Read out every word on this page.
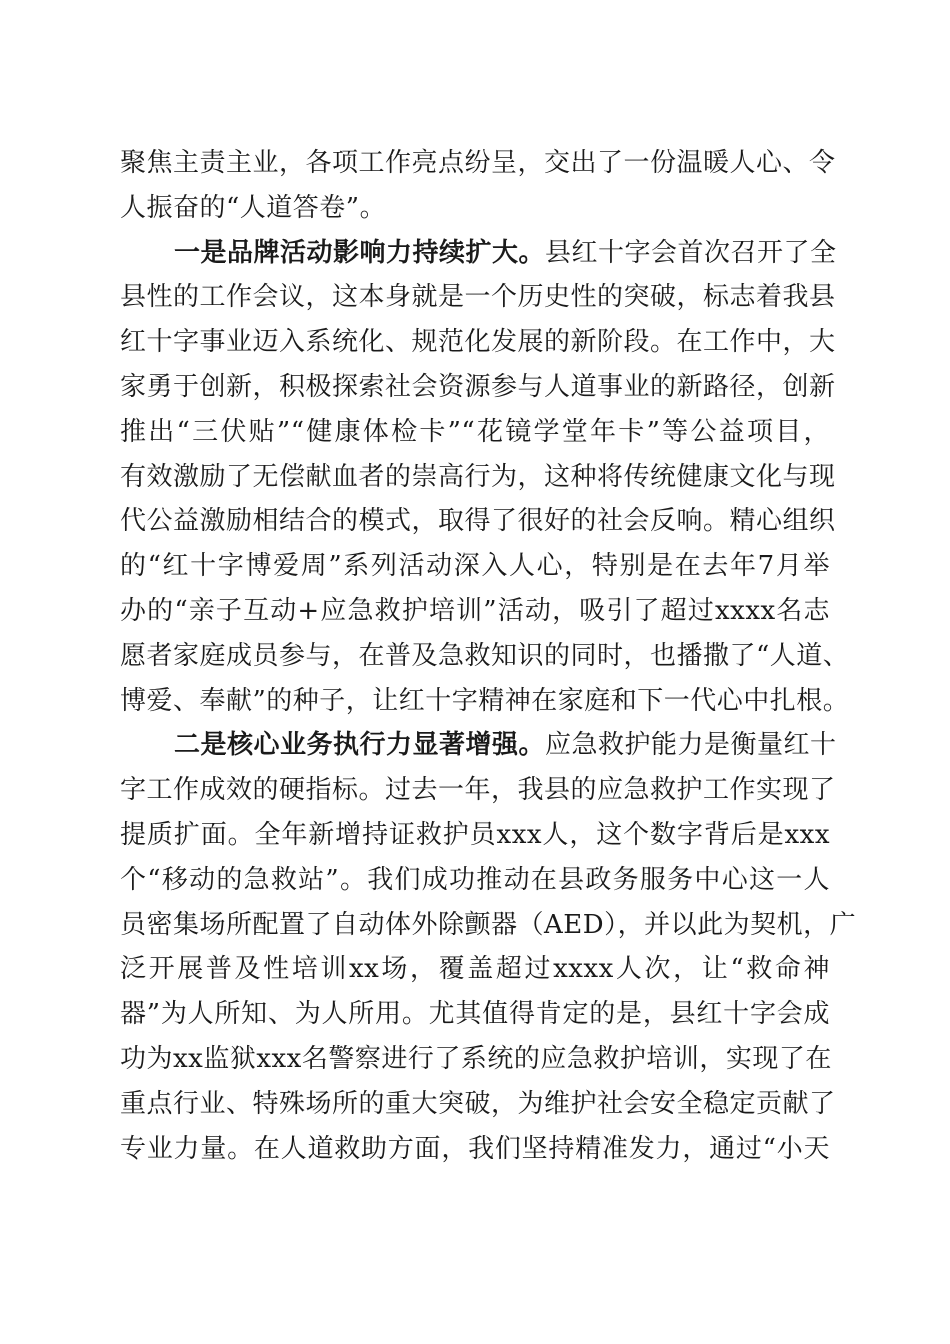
聚焦主责主业，各项工作亮点纷呈，交出了一份温暖人心、令
人振奋的“人道答卷”。
一是品牌活动影响力持续扩大。县红十字会首次召开了全
县性的工作会议，这本身就是一个历史性的突破，标志着我县
红十字事业迈入系统化、规范化发展的新阶段。在工作中，大
家勇于创新，积极探索社会资源参与人道事业的新路径，创新
推出“三伏贴”“健康体检卡”“花镜学堂年卡”等公益项目，
有效激励了无偿献血者的崇高行为，这种将传统健康文化与现
代公益激励相结合的模式，取得了很好的社会反响。精心组织
的“红十字博爱周”系列活动深入人心，特别是在去年7月举
办的“亲子互动+应急救护培训”活动，吸引了超过xxxx名志
愿者家庭成员参与，在普及急救知识的同时，也播撒了“人道、
博爱、奉献”的种子，让红十字精神在家庭和下一代心中扎根。
二是核心业务执行力显著增强。应急救护能力是衡量红十
字工作成效的硬指标。过去一年，我县的应急救护工作实现了
提质扩面。全年新增持证救护员xxx人，这个数字背后是xxx
个“移动的急救站”。我们成功推动在县政务服务中心这一人
员密集场所配置了自动体外除颤器（AED），并以此为契机，广
泛开展普及性培训xx场，覆盖超过xxxx人次，让“救命神
器”为人所知、为人所用。尤其值得肯定的是，县红十字会成
功为xx监狱xxx名警察进行了系统的应急救护培训，实现了在
重点行业、特殊场所的重大突破，为维护社会安全稳定贡献了
专业力量。在人道救助方面，我们坚持精准发力，通过“小天
